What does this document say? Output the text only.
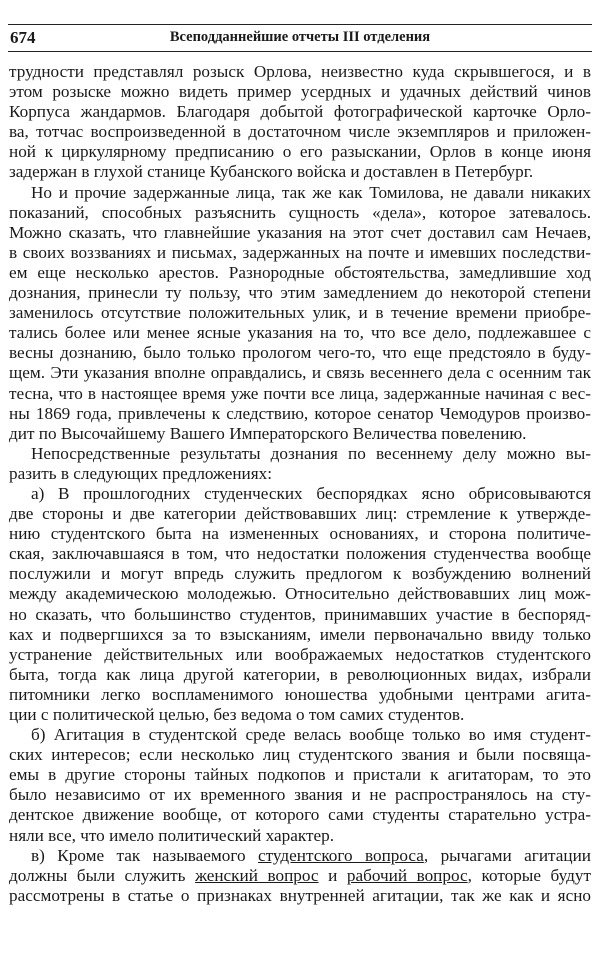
674	Всеподданнейшие отчеты III отделения
трудности представлял розыск Орлова, неизвестно куда скрывшегося, и в
этом розыске можно видеть пример усердных и удачных действий чинов
Корпуса жандармов. Благодаря добытой фотографической карточке Орло-
ва, тотчас воспроизведенной в достаточном числе экземпляров и приложен-
ной к циркулярному предписанию о его разыскании, Орлов в конце июня
задержан в глухой станице Кубанского войска и доставлен в Петербург.
Но и прочие задержанные лица, так же как Томилова, не давали никаких
показаний, способных разъяснить сущность «дела», которое затевалось.
Можно сказать, что главнейшие указания на этот счет доставил сам Нечаев,
в своих воззваниях и письмах, задержанных на почте и имевших последстви-
ем еще несколько арестов. Разнородные обстоятельства, замедлившие ход
дознания, принесли ту пользу, что этим замедлением до некоторой степени
заменилось отсутствие положительных улик, и в течение времени приобре-
тались более или менее ясные указания на то, что все дело, подлежавшее с
весны дознанию, было только прологом чего-то, что еще предстояло в буду-
щем. Эти указания вполне оправдались, и связь весеннего дела с осенним так
тесна, что в настоящее время уже почти все лица, задержанные начиная с вес-
ны 1869 года, привлечены к следствию, которое сенатор Чемодуров произво-
дит по Высочайшему Вашего Императорского Величества повелению.
Непосредственные результаты дознания по весеннему делу можно вы-
разить в следующих предложениях:
а) В прошлогодних студенческих беспорядках ясно обрисовываются
две стороны и две категории действовавших лиц: стремление к утвержде-
нию студентского быта на измененных основаниях, и сторона политиче-
ская, заключавшаяся в том, что недостатки положения студенчества вообще
послужили и могут впредь служить предлогом к возбуждению волнений
между академическою молодежью. Относительно действовавших лиц мож-
но сказать, что большинство студентов, принимавших участие в беспоряд-
ках и подвергшихся за то взысканиям, имели первоначально ввиду только
устранение действительных или воображаемых недостатков студентского
быта, тогда как лица другой категории, в революционных видах, избрали
питомники легко воспламенимого юношества удобными центрами агита-
ции с политической целью, без ведома о том самих студентов.
б) Агитация в студентской среде велась вообще только во имя студент-
ских интересов; если несколько лиц студентского звания и были посвяща-
емы в другие стороны тайных подкопов и пристали к агитаторам, то это
было независимо от их временного звания и не распространялось на сту-
дентское движение вообще, от которого сами студенты старательно устра-
няли все, что имело политический характер.
в) Кроме так называемого студентского вопроса, рычагами агитации
должны были служить женский вопрос и рабочий вопрос, которые будут
рассмотрены в статье о признаках внутренней агитации, так же как и ясно
